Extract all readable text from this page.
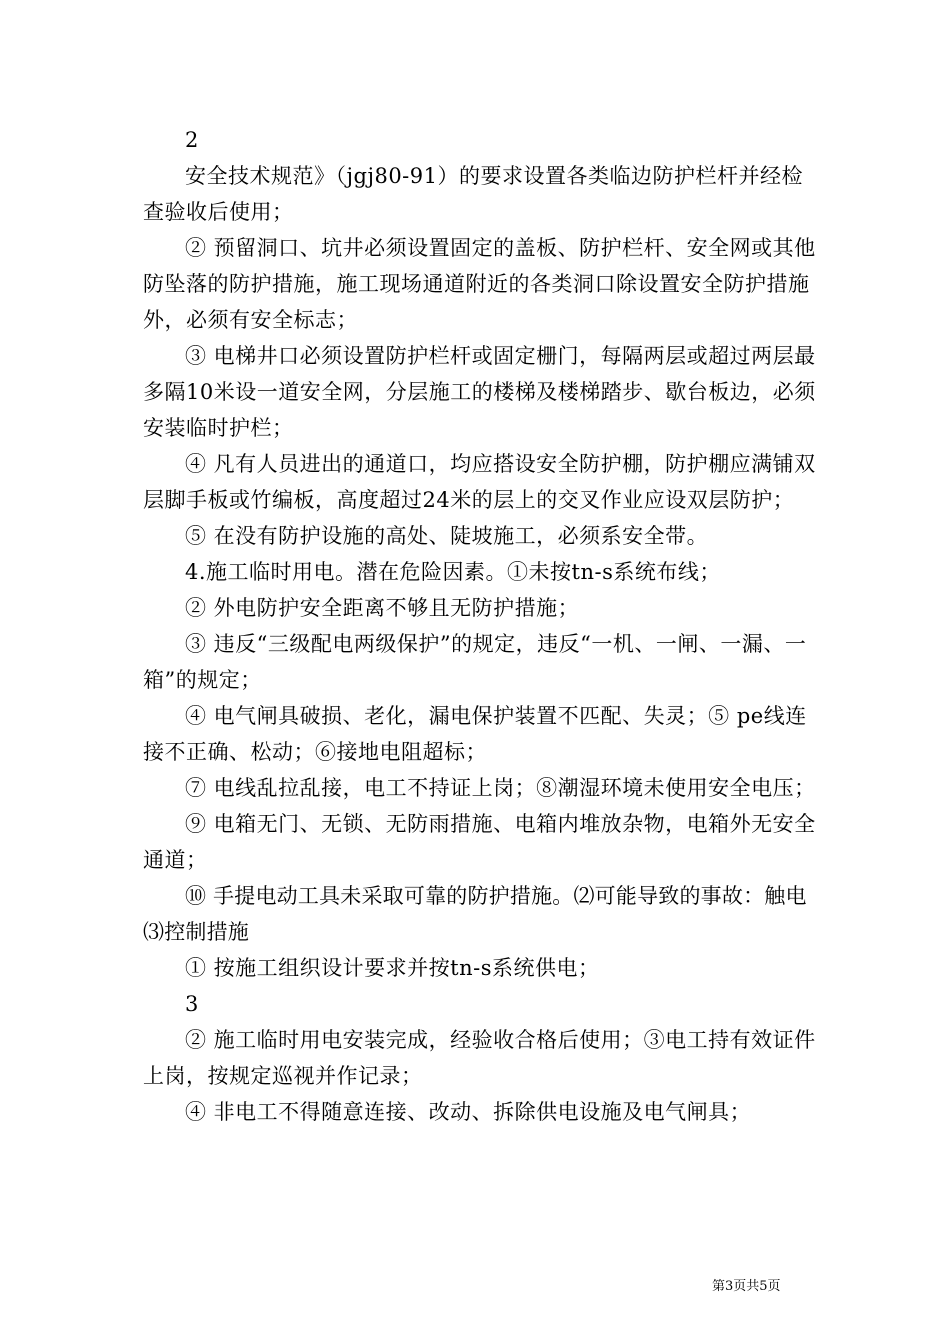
2

安全技术规范》（jgj80-91）的要求设置各类临边防护栏杆并经检查验收后使用；

② 预留洞口、坑井必须设置固定的盖板、防护栏杆、安全网或其他防坠落的防护措施，施工现场通道附近的各类洞口除设置安全防护措施外，必须有安全标志；

③ 电梯井口必须设置防护栏杆或固定栅门，每隔两层或超过两层最多隔10米设一道安全网，分层施工的楼梯及楼梯踏步、歇台板边，必须安装临时护栏；

④ 凡有人员进出的通道口，均应搭设安全防护棚，防护棚应满铺双层脚手板或竹编板，高度超过24米的层上的交叉作业应设双层防护；

⑤ 在没有防护设施的高处、陡坡施工，必须系安全带。

4.施工临时用电。潜在危险因素。①未按tn-s系统布线；

② 外电防护安全距离不够且无防护措施；

③ 违反“三级配电两级保护”的规定，违反“一机、一闸、一漏、一箱”的规定；

④ 电气闸具破损、老化，漏电保护装置不匹配、失灵；⑤ pe线连接不正确、松动；⑥接地电阻超标；

⑦ 电线乱拉乱接，电工不持证上岗；⑧潮湿环境未使用安全电压；

⑨ 电箱无门、无锁、无防雨措施、电箱内堆放杂物，电箱外无安全通道；

⑩ 手提电动工具未采取可靠的防护措施。⑵可能导致的事故：触电⑶控制措施

① 按施工组织设计要求并按tn-s系统供电；

3

② 施工临时用电安装完成，经验收合格后使用；③电工持有效证件上岗，按规定巡视并作记录；

④ 非电工不得随意连接、改动、拆除供电设施及电气闸具；

第3页共5页
